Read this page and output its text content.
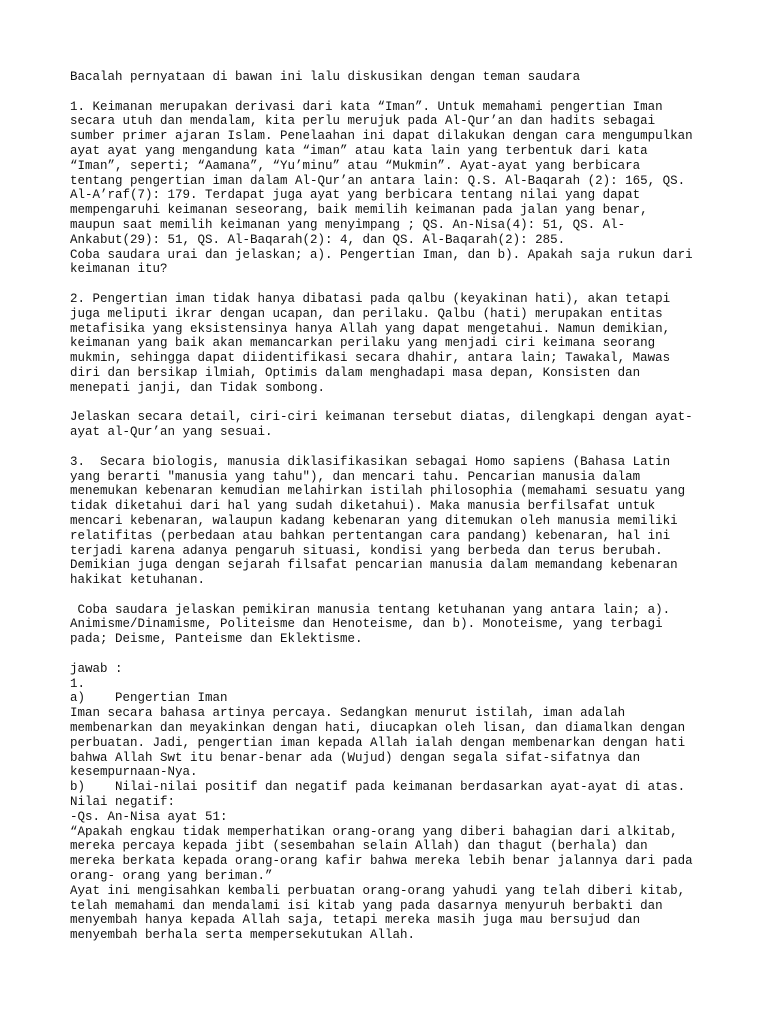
Bacalah pernyataan di bawan ini lalu diskusikan dengan teman saudara
1. Keimanan merupakan derivasi dari kata “Iman”. Untuk memahami pengertian Iman
secara utuh dan mendalam, kita perlu merujuk pada Al-Qur’an dan hadits sebagai
sumber primer ajaran Islam. Penelaahan ini dapat dilakukan dengan cara mengumpulkan
ayat ayat yang mengandung kata “iman” atau kata lain yang terbentuk dari kata
“Iman”, seperti; “Aamana”, “Yu’minu” atau “Mukmin”. Ayat-ayat yang berbicara
tentang pengertian iman dalam Al-Qur’an antara lain: Q.S. Al-Baqarah (2): 165, QS.
Al-A’raf(7): 179. Terdapat juga ayat yang berbicara tentang nilai yang dapat
mempengaruhi keimanan seseorang, baik memilih keimanan pada jalan yang benar,
maupun saat memilih keimanan yang menyimpang ; QS. An-Nisa(4): 51, QS. Al-
Ankabut(29): 51, QS. Al-Baqarah(2): 4, dan QS. Al-Baqarah(2): 285.
Coba saudara urai dan jelaskan; a). Pengertian Iman, dan b). Apakah saja rukun dari
keimanan itu?
2. Pengertian iman tidak hanya dibatasi pada qalbu (keyakinan hati), akan tetapi
juga meliputi ikrar dengan ucapan, dan perilaku. Qalbu (hati) merupakan entitas
metafisika yang eksistensinya hanya Allah yang dapat mengetahui. Namun demikian,
keimanan yang baik akan memancarkan perilaku yang menjadi ciri keimana seorang
mukmin, sehingga dapat diidentifikasi secara dhahir, antara lain; Tawakal, Mawas
diri dan bersikap ilmiah, Optimis dalam menghadapi masa depan, Konsisten dan
menepati janji, dan Tidak sombong.
Jelaskan secara detail, ciri-ciri keimanan tersebut diatas, dilengkapi dengan ayat-
ayat al-Qur’an yang sesuai.
3.  Secara biologis, manusia diklasifikasikan sebagai Homo sapiens (Bahasa Latin
yang berarti "manusia yang tahu"), dan mencari tahu. Pencarian manusia dalam
menemukan kebenaran kemudian melahirkan istilah philosophia (memahami sesuatu yang
tidak diketahui dari hal yang sudah diketahui). Maka manusia berfilsafat untuk
mencari kebenaran, walaupun kadang kebenaran yang ditemukan oleh manusia memiliki
relatifitas (perbedaan atau bahkan pertentangan cara pandang) kebenaran, hal ini
terjadi karena adanya pengaruh situasi, kondisi yang berbeda dan terus berubah.
Demikian juga dengan sejarah filsafat pencarian manusia dalam memandang kebenaran
hakikat ketuhanan.
Coba saudara jelaskan pemikiran manusia tentang ketuhanan yang antara lain; a).
Animisme/Dinamisme, Politeisme dan Henoteisme, dan b). Monoteisme, yang terbagi
pada; Deisme, Panteisme dan Eklektisme.
jawab :
1.
a)    Pengertian Iman
Iman secara bahasa artinya percaya. Sedangkan menurut istilah, iman adalah
membenarkan dan meyakinkan dengan hati, diucapkan oleh lisan, dan diamalkan dengan
perbuatan. Jadi, pengertian iman kepada Allah ialah dengan membenarkan dengan hati
bahwa Allah Swt itu benar-benar ada (Wujud) dengan segala sifat-sifatnya dan
kesempurnaan-Nya.
b)    Nilai-nilai positif dan negatif pada keimanan berdasarkan ayat-ayat di atas.
Nilai negatif:
-Qs. An-Nisa ayat 51:
“Apakah engkau tidak memperhatikan orang-orang yang diberi bahagian dari alkitab,
mereka percaya kepada jibt (sesembahan selain Allah) dan thagut (berhala) dan
mereka berkata kepada orang-orang kafir bahwa mereka lebih benar jalannya dari pada
orang- orang yang beriman.”
Ayat ini mengisahkan kembali perbuatan orang-orang yahudi yang telah diberi kitab,
telah memahami dan mendalami isi kitab yang pada dasarnya menyuruh berbakti dan
menyembah hanya kepada Allah saja, tetapi mereka masih juga mau bersujud dan
menyembah berhala serta mempersekutukan Allah.
